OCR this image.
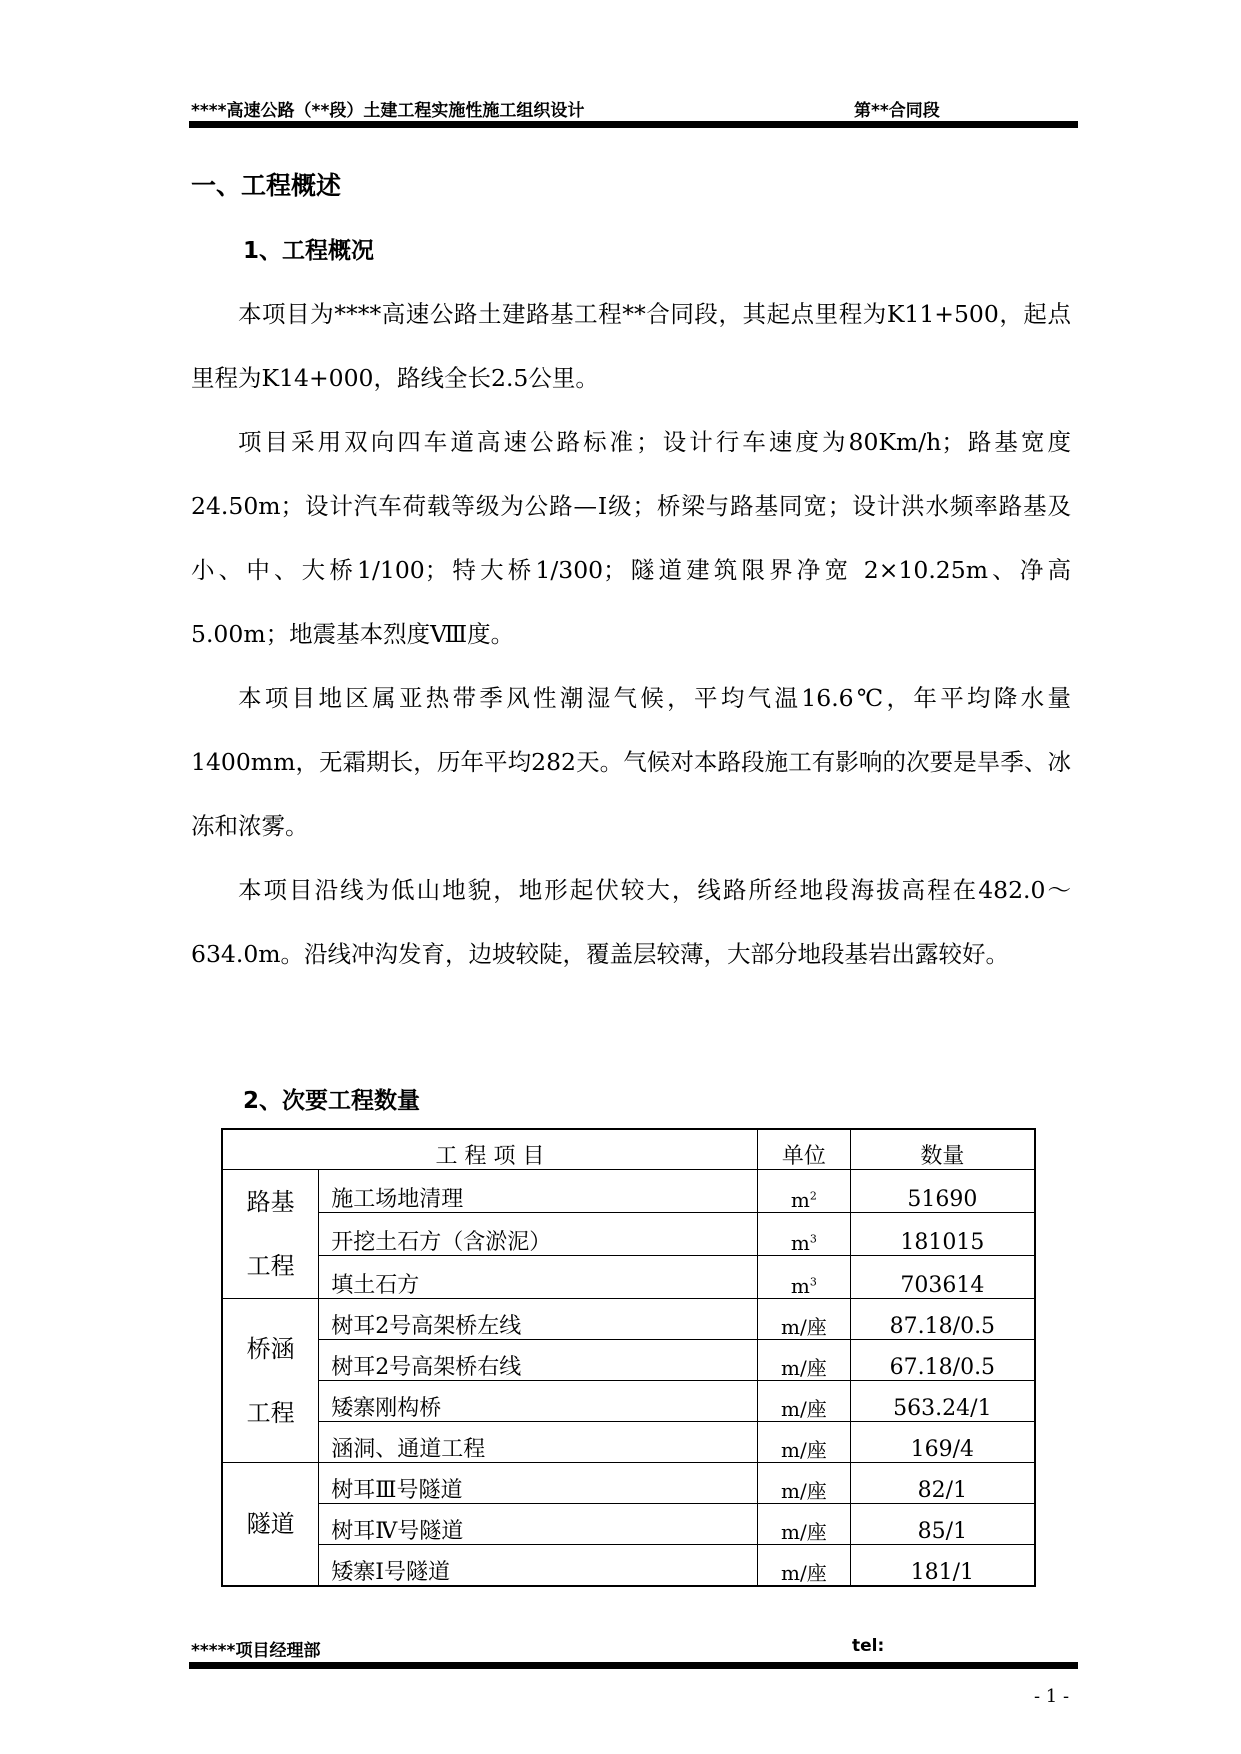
****高速公路（**段）土建工程实施性施工组织设计	第**合同段
一、工程概述
1、工程概况

本项目为****高速公路土建路基工程**合同段，其起点里程为K11+500，起点里程为K14+000，路线全长2.5公里。

项目采用双向四车道高速公路标准；设计行车速度为80Km/h；路基宽度24.50m；设计汽车荷载等级为公路—Ⅰ级；桥梁与路基同宽；设计洪水频率路基及小、中、大桥1/100；特大桥1/300；隧道建筑限界净宽 2×10.25m、净高5.00m；地震基本烈度Ⅷ度。

本项目地区属亚热带季风性潮湿气候，平均气温16.6℃，年平均降水量1400mm，无霜期长，历年平均282天。气候对本路段施工有影响的次要是旱季、冰冻和浓雾。

本项目沿线为低山地貌，地形起伏较大，线路所经地段海拔高程在482.0～634.0m。沿线冲沟发育，边坡较陡，覆盖层较薄，大部分地段基岩出露较好。

2、次要工程数量
工 程 项 目		单位	数量

路基
工程	施工场地清理	$m^2$	51690
	开挖土石方（含淤泥）	$m^3$	181015
	填土石方	$m^3$	703614

桥涵
工程	树耳2号高架桥左线	m/座	87.18/0.5
	树耳2号高架桥右线	m/座	67.18/0.5
	矮寨刚构桥	m/座	563.24/1
	涵洞、通道工程	m/座	169/4

隧道	树耳Ⅲ号隧道	m/座	82/1
	树耳Ⅳ号隧道	m/座	85/1
	矮寨Ⅰ号隧道	m/座	181/1
*****项目经理部	tel:
- 1 -
